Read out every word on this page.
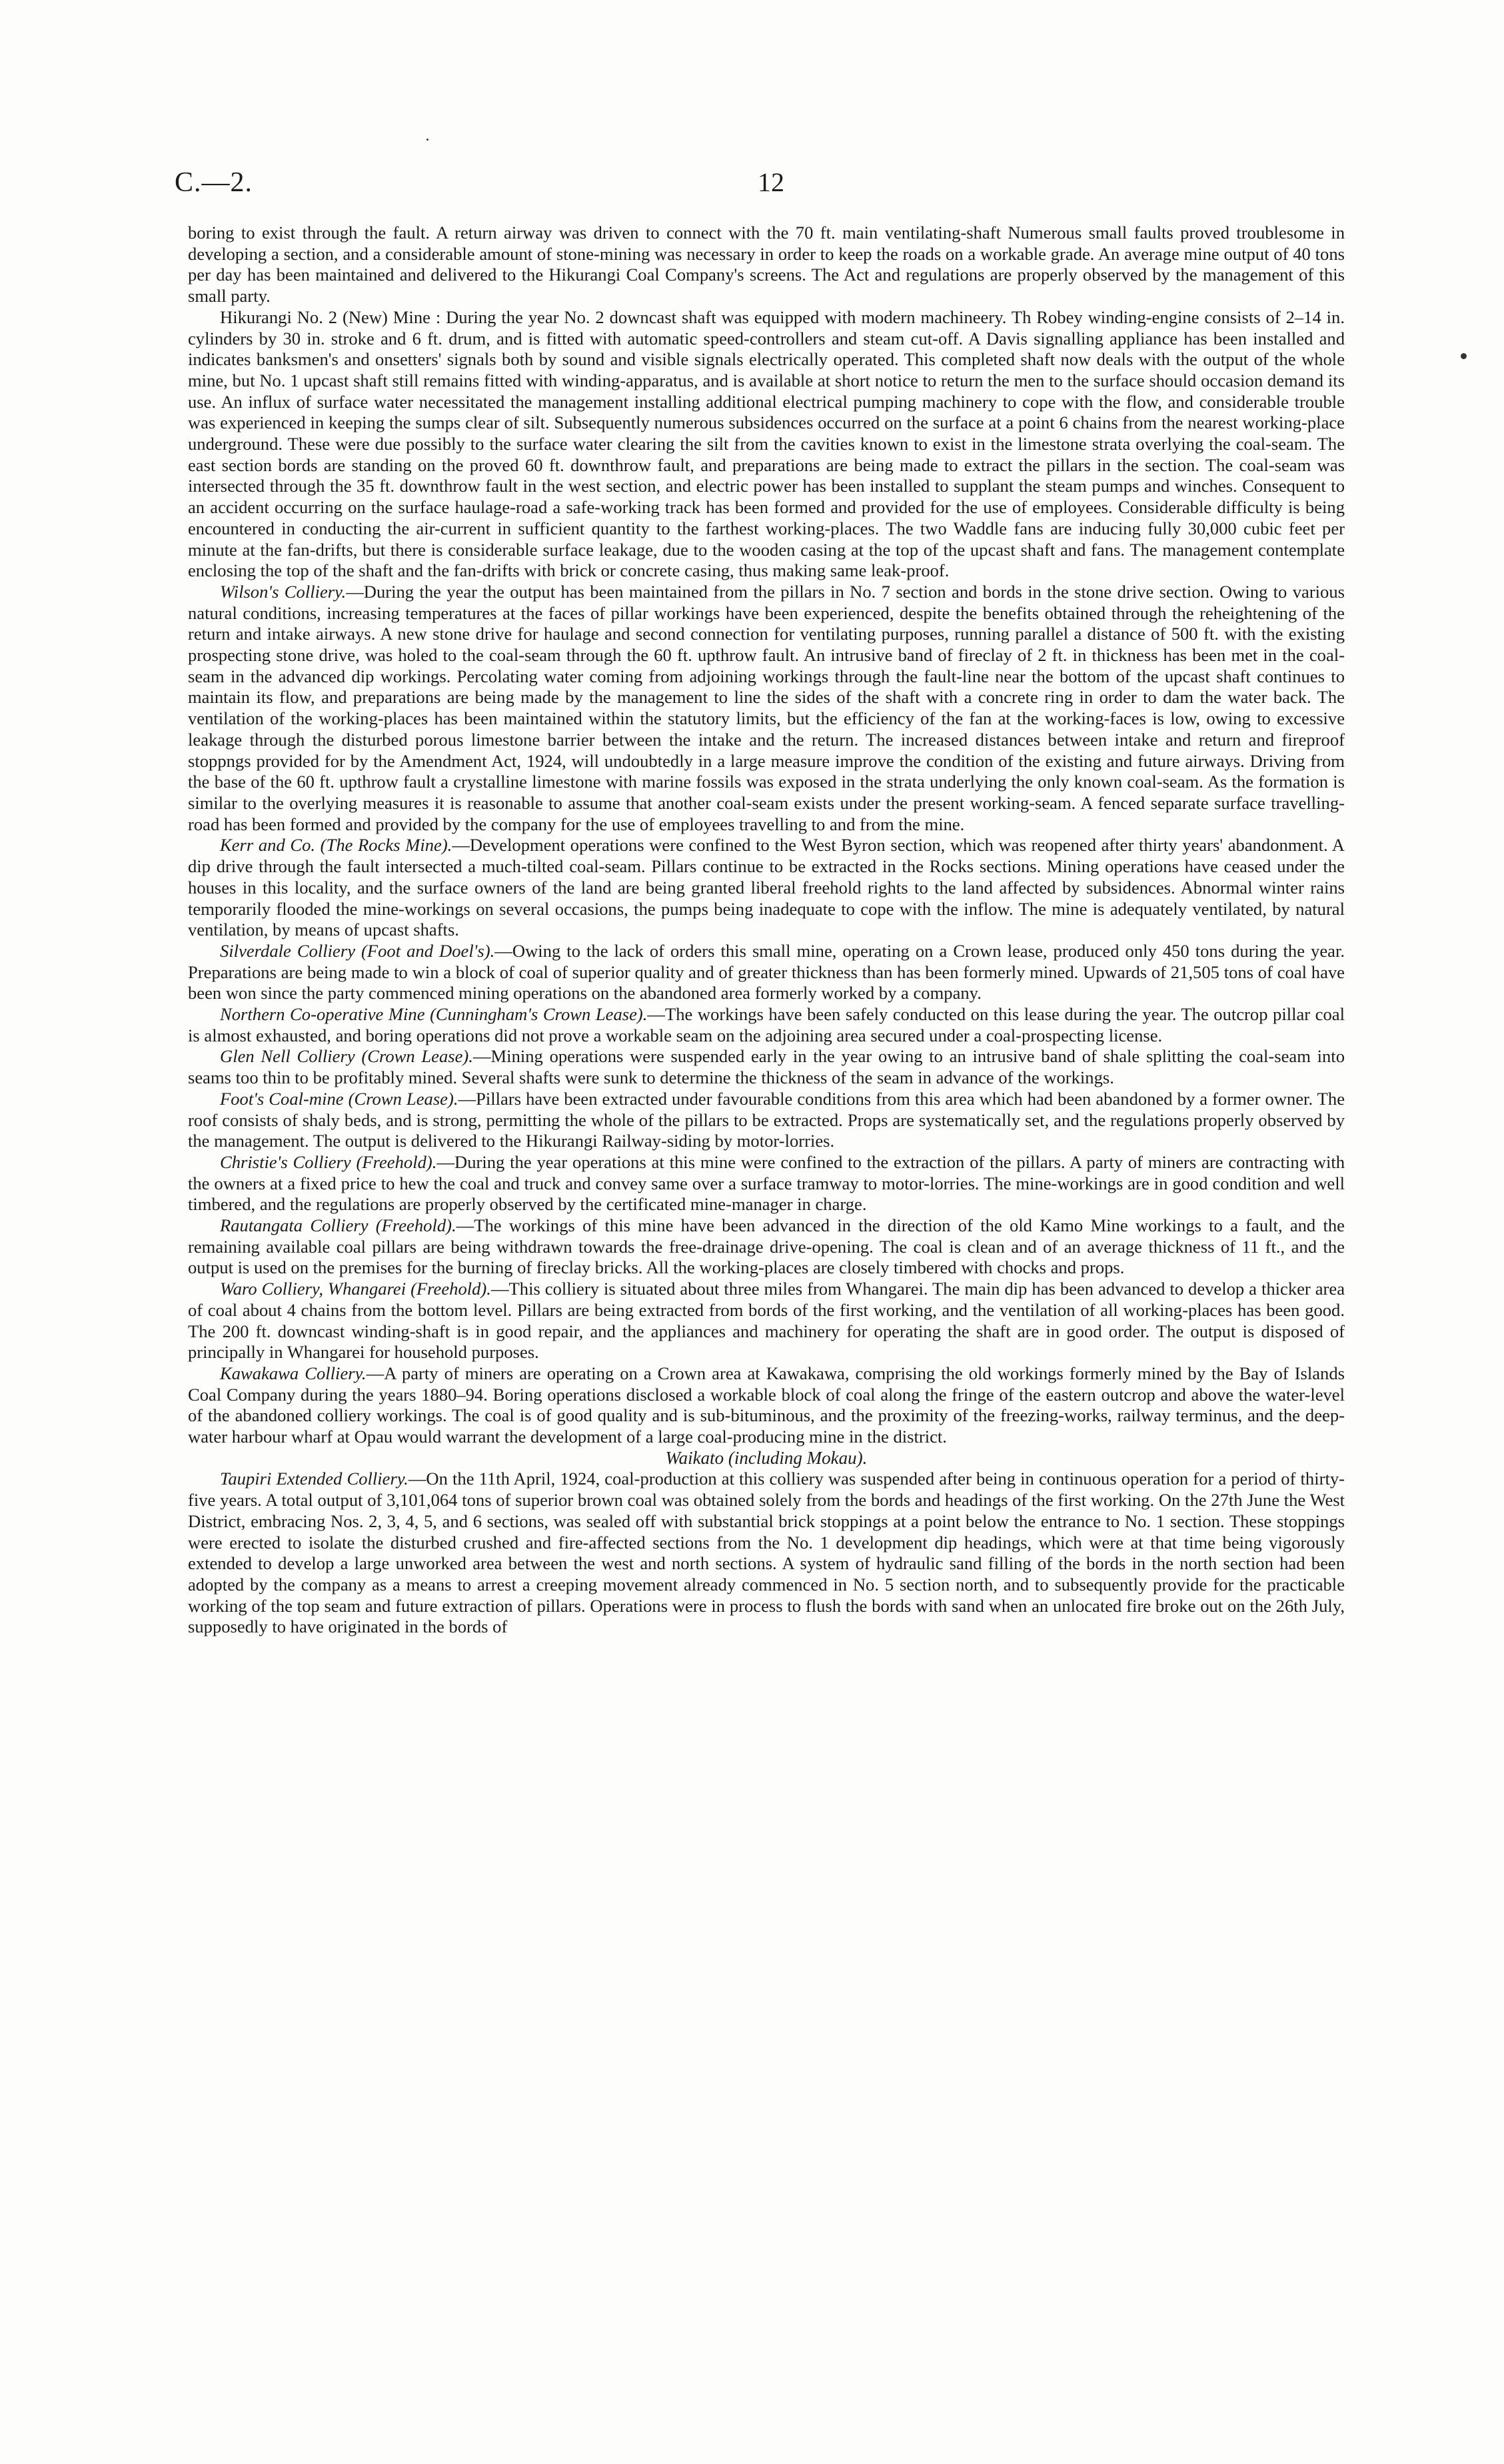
C.—2.	12

boring to exist through the fault. A return airway was driven to connect with the 70 ft. main ventilating-shaft Numerous small faults proved troublesome in developing a section, and a considerable amount of stone-mining was necessary in order to keep the roads on a workable grade. An average mine output of 40 tons per day has been maintained and delivered to the Hikurangi Coal Company's screens. The Act and regulations are properly observed by the management of this small party.

Hikurangi No. 2 (New) Mine : During the year No. 2 downcast shaft was equipped with modern machineery. Th Robey winding-engine consists of 2–14 in. cylinders by 30 in. stroke and 6 ft. drum, and is fitted with automatic speed-controllers and steam cut-off. A Davis signalling appliance has been installed and indicates banksmen's and onsetters' signals both by sound and visible signals electrically operated. This completed shaft now deals with the output of the whole mine, but No. 1 upcast shaft still remains fitted with winding-apparatus, and is available at short notice to return the men to the surface should occasion demand its use. An influx of surface water necessitated the management installing additional electrical pumping machinery to cope with the flow, and considerable trouble was experienced in keeping the sumps clear of silt. Subsequently numerous subsidences occurred on the surface at a point 6 chains from the nearest working-place underground. These were due possibly to the surface water clearing the silt from the cavities known to exist in the limestone strata overlying the coal-seam. The east section bords are standing on the proved 60 ft. downthrow fault, and preparations are being made to extract the pillars in the section. The coal-seam was intersected through the 35 ft. downthrow fault in the west section, and electric power has been installed to supplant the steam pumps and winches. Consequent to an accident occurring on the surface haulage-road a safe-working track has been formed and provided for the use of employees. Considerable difficulty is being encountered in conducting the air-current in sufficient quantity to the farthest working-places. The two Waddle fans are inducing fully 30,000 cubic feet per minute at the fan-drifts, but there is considerable surface leakage, due to the wooden casing at the top of the upcast shaft and fans. The management contemplate enclosing the top of the shaft and the fan-drifts with brick or concrete casing, thus making same leak-proof.

Wilson's Colliery.—During the year the output has been maintained from the pillars in No. 7 section and bords in the stone drive section. Owing to various natural conditions, increasing temperatures at the faces of pillar workings have been experienced, despite the benefits obtained through the reheightening of the return and intake airways. A new stone drive for haulage and second connection for ventilating purposes, running parallel a distance of 500 ft. with the existing prospecting stone drive, was holed to the coal-seam through the 60 ft. upthrow fault. An intrusive band of fireclay of 2 ft. in thickness has been met in the coal-seam in the advanced dip workings. Percolating water coming from adjoining workings through the fault-line near the bottom of the upcast shaft continues to maintain its flow, and preparations are being made by the management to line the sides of the shaft with a concrete ring in order to dam the water back. The ventilation of the working-places has been maintained within the statutory limits, but the efficiency of the fan at the working-faces is low, owing to excessive leakage through the disturbed porous limestone barrier between the intake and the return. The increased distances between intake and return and fireproof stoppngs provided for by the Amendment Act, 1924, will undoubtedly in a large measure improve the condition of the existing and future airways. Driving from the base of the 60 ft. upthrow fault a crystalline limestone with marine fossils was exposed in the strata underlying the only known coal-seam. As the formation is similar to the overlying measures it is reasonable to assume that another coal-seam exists under the present working-seam. A fenced separate surface travelling-road has been formed and provided by the company for the use of employees travelling to and from the mine.

Kerr and Co. (The Rocks Mine).—Development operations were confined to the West Byron section, which was reopened after thirty years' abandonment. A dip drive through the fault intersected a much-tilted coal-seam. Pillars continue to be extracted in the Rocks sections. Mining operations have ceased under the houses in this locality, and the surface owners of the land are being granted liberal freehold rights to the land affected by subsidences. Abnormal winter rains temporarily flooded the mine-workings on several occasions, the pumps being inadequate to cope with the inflow. The mine is adequately ventilated, by natural ventilation, by means of upcast shafts.

Silverdale Colliery (Foot and Doel's).—Owing to the lack of orders this small mine, operating on a Crown lease, produced only 450 tons during the year. Preparations are being made to win a block of coal of superior quality and of greater thickness than has been formerly mined. Upwards of 21,505 tons of coal have been won since the party commenced mining operations on the abandoned area formerly worked by a company.

Northern Co-operative Mine (Cunningham's Crown Lease).—The workings have been safely conducted on this lease during the year. The outcrop pillar coal is almost exhausted, and boring operations did not prove a workable seam on the adjoining area secured under a coal-prospecting license.

Glen Nell Colliery (Crown Lease).—Mining operations were suspended early in the year owing to an intrusive band of shale splitting the coal-seam into seams too thin to be profitably mined. Several shafts were sunk to determine the thickness of the seam in advance of the workings.

Foot's Coal-mine (Crown Lease).—Pillars have been extracted under favourable conditions from this area which had been abandoned by a former owner. The roof consists of shaly beds, and is strong, permitting the whole of the pillars to be extracted. Props are systematically set, and the regulations properly observed by the management. The output is delivered to the Hikurangi Railway-siding by motor-lorries.

Christie's Colliery (Freehold).—During the year operations at this mine were confined to the extraction of the pillars. A party of miners are contracting with the owners at a fixed price to hew the coal and truck and convey same over a surface tramway to motor-lorries. The mine-workings are in good condition and well timbered, and the regulations are properly observed by the certificated mine-manager in charge.

Rautangata Colliery (Freehold).—The workings of this mine have been advanced in the direction of the old Kamo Mine workings to a fault, and the remaining available coal pillars are being withdrawn towards the free-drainage drive-opening. The coal is clean and of an average thickness of 11 ft., and the output is used on the premises for the burning of fireclay bricks. All the working-places are closely timbered with chocks and props.

Waro Colliery, Whangarei (Freehold).—This colliery is situated about three miles from Whangarei. The main dip has been advanced to develop a thicker area of coal about 4 chains from the bottom level. Pillars are being extracted from bords of the first working, and the ventilation of all working-places has been good. The 200 ft. downcast winding-shaft is in good repair, and the appliances and machinery for operating the shaft are in good order. The output is disposed of principally in Whangarei for household purposes.

Kawakawa Colliery.—A party of miners are operating on a Crown area at Kawakawa, comprising the old workings formerly mined by the Bay of Islands Coal Company during the years 1880–94. Boring operations disclosed a workable block of coal along the fringe of the eastern outcrop and above the water-level of the abandoned colliery workings. The coal is of good quality and is sub-bituminous, and the proximity of the freezing-works, railway terminus, and the deep-water harbour wharf at Opau would warrant the development of a large coal-producing mine in the district.

Waikato (including Mokau).

Taupiri Extended Colliery.—On the 11th April, 1924, coal-production at this colliery was suspended after being in continuous operation for a period of thirty-five years. A total output of 3,101,064 tons of superior brown coal was obtained solely from the bords and headings of the first working. On the 27th June the West District, embracing Nos. 2, 3, 4, 5, and 6 sections, was sealed off with substantial brick stoppings at a point below the entrance to No. 1 section. These stoppings were erected to isolate the disturbed crushed and fire-affected sections from the No. 1 development dip headings, which were at that time being vigorously extended to develop a large unworked area between the west and north sections. A system of hydraulic sand filling of the bords in the north section had been adopted by the company as a means to arrest a creeping movement already commenced in No. 5 section north, and to subsequently provide for the practicable working of the top seam and future extraction of pillars. Operations were in process to flush the bords with sand when an unlocated fire broke out on the 26th July, supposedly to have originated in the bords of
